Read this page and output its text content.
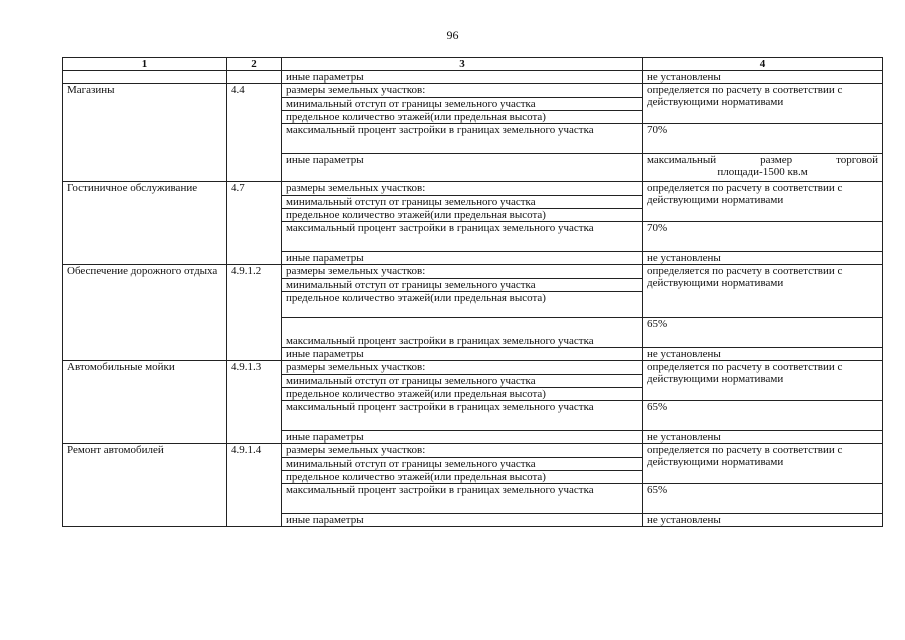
96
1	2	3	4
		иные параметры	не установлены
Магазины	4.4	размеры земельных участков:	определяется по расчету в соответствии с действующими нормативами
		минимальный отступ от границы земельного участка	
		предельное количество этажей(или предельная высота)	
		максимальный процент застройки в границах земельного участка	70%
		иные параметры	максимальный размер торговой
площади-1500 кв.м

Гостиничное обслуживание	4.7	размеры земельных участков:	определяется по расчету в соответствии с действующими нормативами
		минимальный отступ от границы земельного участка	
		предельное количество этажей(или предельная высота)	
		максимальный процент застройки в границах земельного участка	70%
		иные параметры	не установлены
Обеспечение дорожного отдыха	4.9.1.2	размеры земельных участков:	определяется по расчету в соответствии с действующими нормативами
		минимальный отступ от границы земельного участка	
		предельное количество этажей(или предельная высота)	
		максимальный процент застройки в границах земельного участка	65%
		иные параметры	не установлены
Автомобильные мойки	4.9.1.3	размеры земельных участков:	определяется по расчету в соответствии с действующими нормативами
		минимальный отступ от границы земельного участка	
		предельное количество этажей(или предельная высота)	
		максимальный процент застройки в границах земельного участка	65%
		иные параметры	не установлены
Ремонт автомобилей	4.9.1.4	размеры земельных участков:	определяется по расчету в соответствии с действующими нормативами
		минимальный отступ от границы земельного участка	
		предельное количество этажей(или предельная высота)	
		максимальный процент застройки в границах земельного участка	65%
		иные параметры	не установлены
